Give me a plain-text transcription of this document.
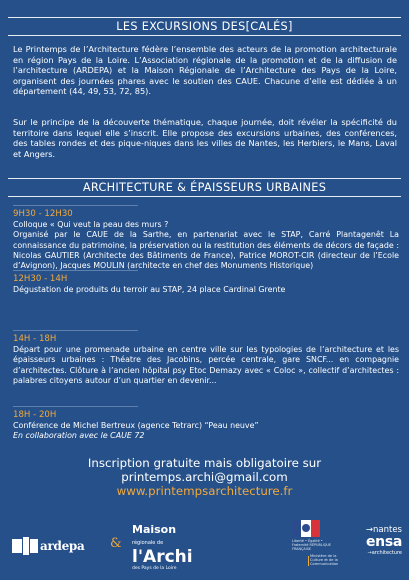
LES EXCURSIONS DES[CALÉS]
Le Printemps de l’Architecture fédère l’ensemble des acteurs de la promotion architecturale en région Pays de la Loire. L’Association régionale de la promotion et de la diffusion de l’architecture (ARDEPA) et la Maison Régionale de l’Architecture des Pays de la Loire, organisent des journées phares avec le soutien des CAUE. Chacune d’elle est dédiée à un département (44, 49, 53, 72, 85).
Sur le principe de la découverte thématique, chaque journée, doit révéler la spécificité du territoire dans lequel elle s’inscrit. Elle propose des excursions urbaines, des conférences, des tables rondes et des pique-niques dans les villes de Nantes, les Herbiers, le Mans, Laval et Angers.
ARCHITECTURE & ÉPAISSEURS URBAINES
9H30 - 12H30
Colloque « Qui veut la peau des murs ?
Organisé par le CAUE de la Sarthe, en partenariat avec le STAP, Carré Plantagenêt La connaissance du patrimoine, la préservation ou la restitution des éléments de décors de façade : Nicolas GAUTIER (Architecte des Bâtiments de France), Patrice MOROT-CIR (directeur de l’Ecole d’Avignon), Jacques MOULIN (architecte en chef des Monuments Historique)
12H30 - 14H
Dégustation de produits du terroir au STAP, 24 place Cardinal Grente
14H - 18H
Départ pour une promenade urbaine en centre ville sur les typologies de l’architecture et les épaisseurs urbaines : Théatre des Jacobins, percée centrale, gare SNCF... en compagnie d’architectes. Clôture à l’ancien hôpital psy Etoc Demazy avec « Coloc », collectif d’architectes : palabres citoyens autour d’un quartier en devenir...
18H - 20H
Conférence de Michel Bertreux (agence Tetrarc) “Peau neuve”
En collaboration avec le CAUE 72
Inscription gratuite mais obligatoire sur
printemps.archi@gmail.com
www.printempsarchitecture.fr
ardepa &
Maison régionale de
l'Archi
des Pays de la Loire
Liberté • Égalité • Fraternité RÉPUBLIQUE FRANÇAISE
Ministère de la Culture et de la Communication
→nantes
ensa
→architecture
